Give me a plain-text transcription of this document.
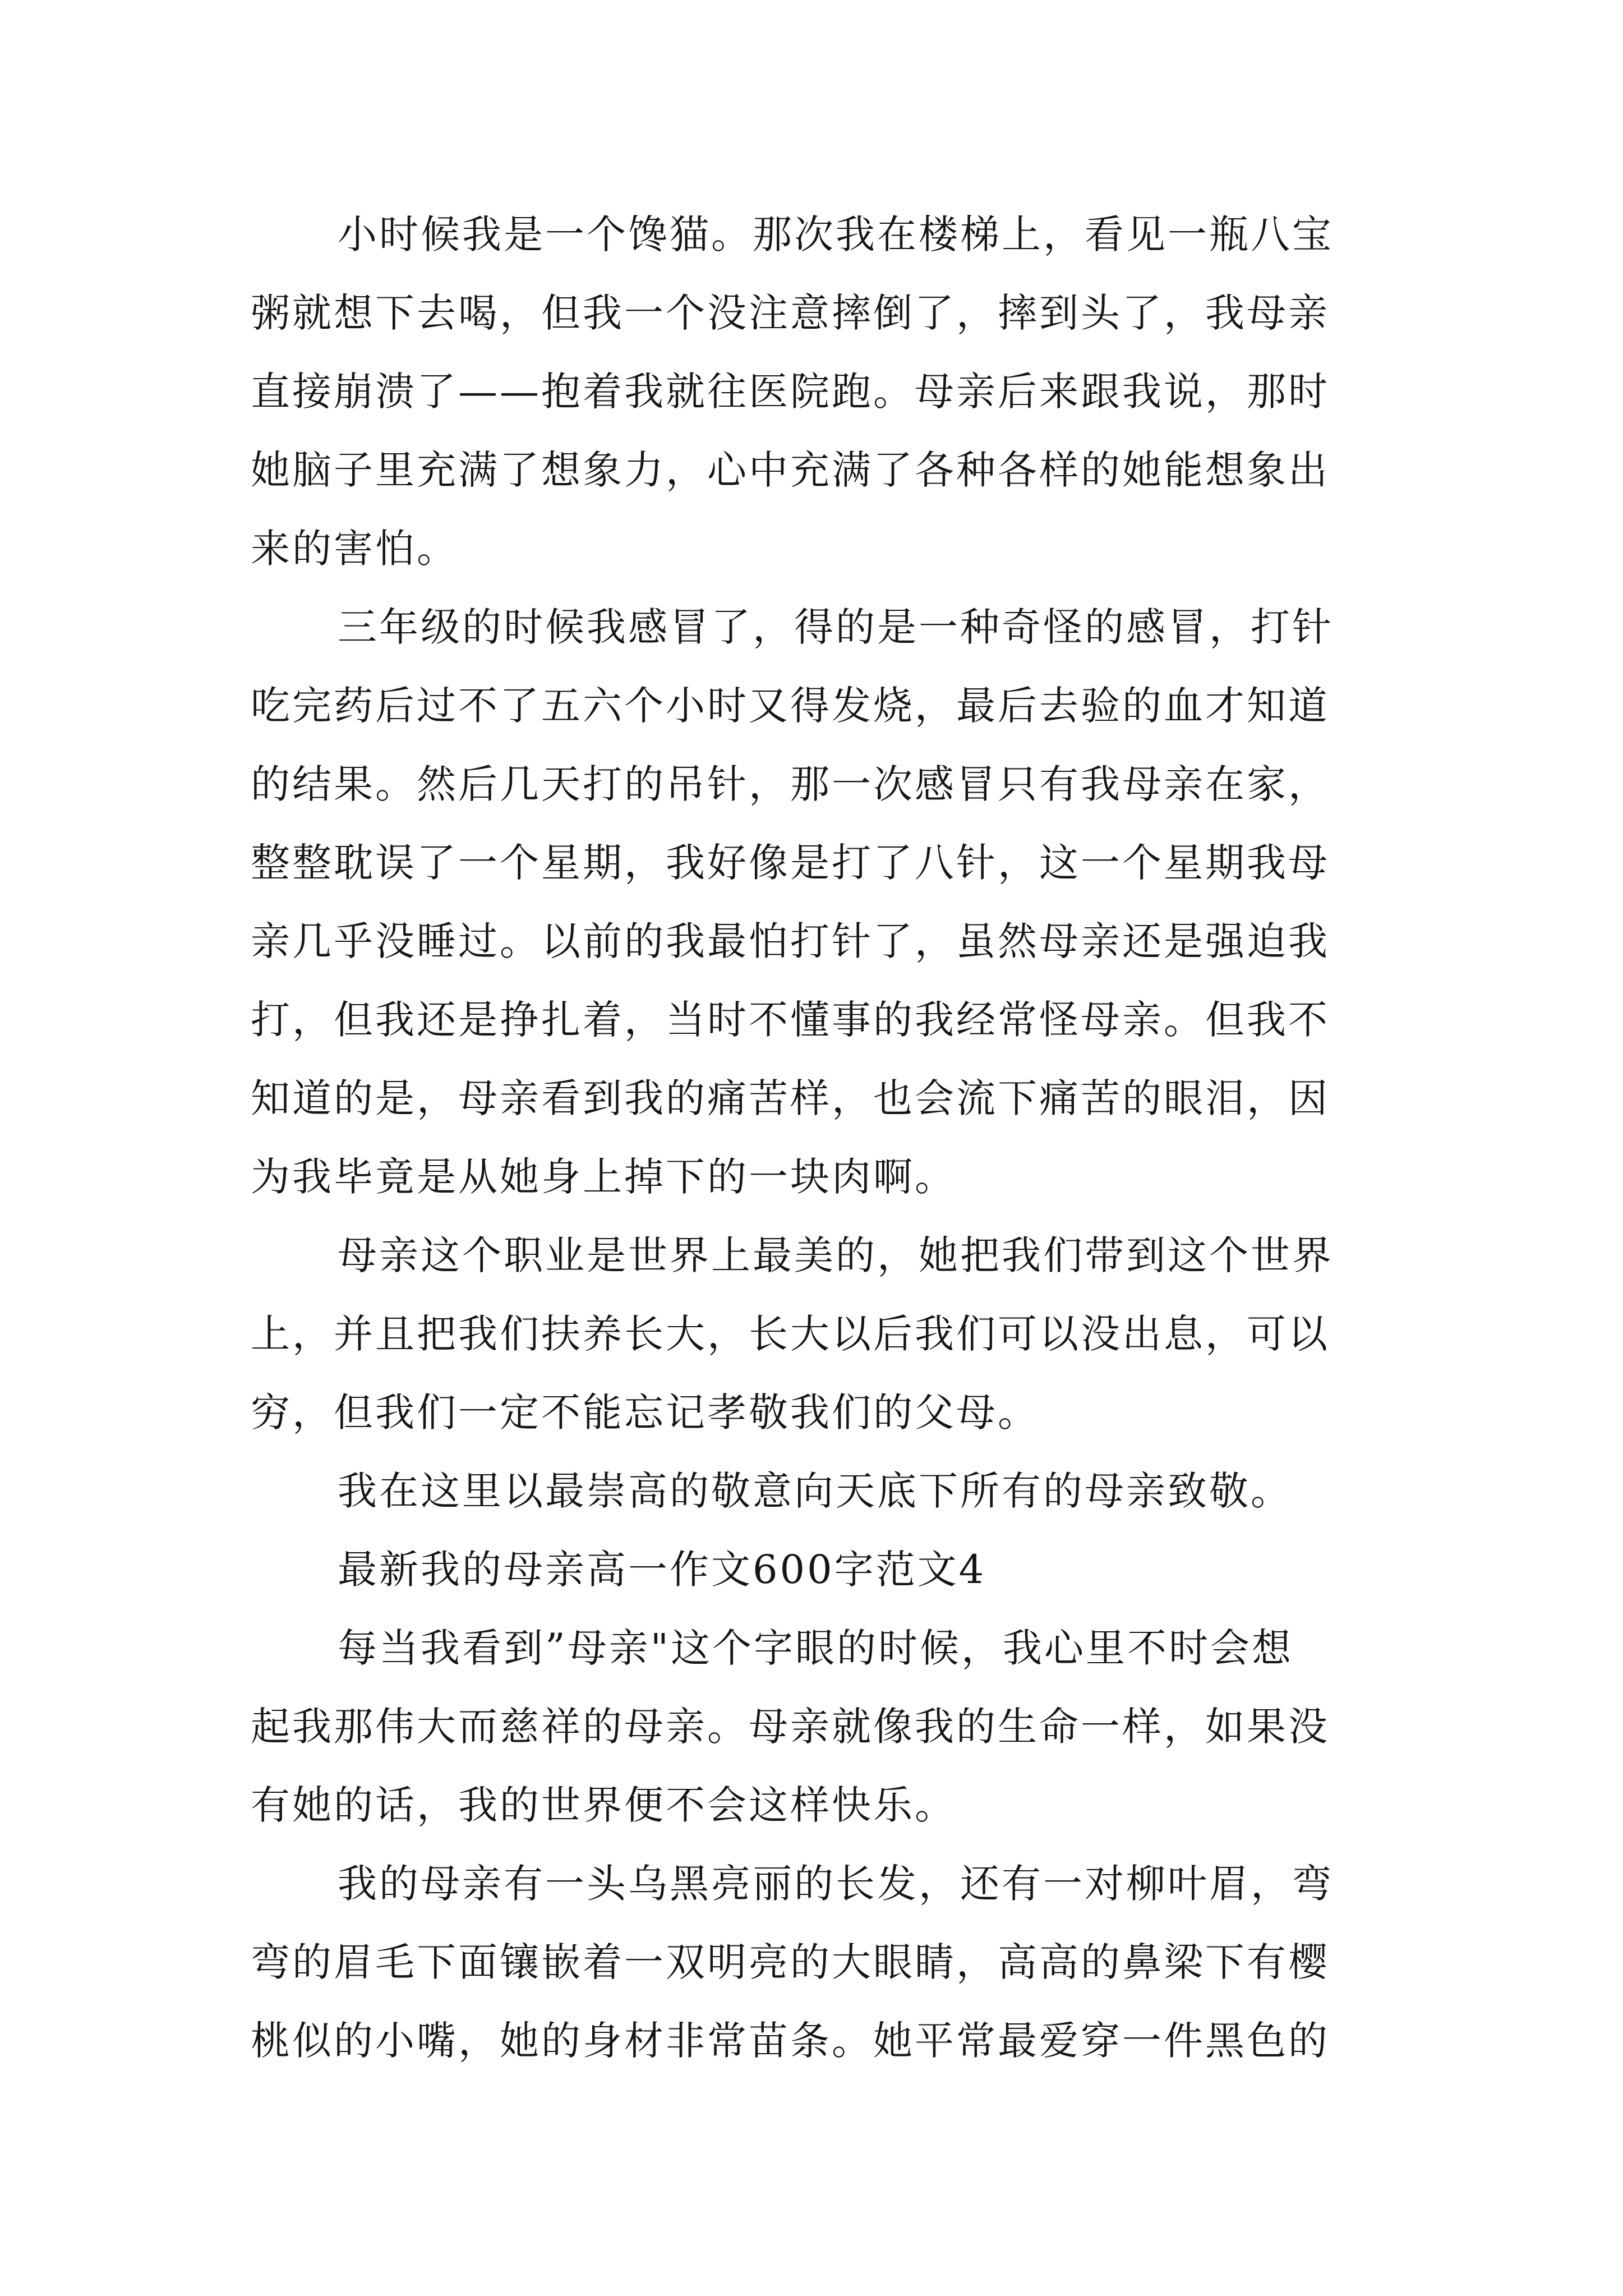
小时候我是一个馋猫。那次我在楼梯上，看见一瓶八宝
粥就想下去喝，但我一个没注意摔倒了，摔到头了，我母亲
直接崩溃了——抱着我就往医院跑。母亲后来跟我说，那时
她脑子里充满了想象力，心中充满了各种各样的她能想象出
来的害怕。
三年级的时候我感冒了，得的是一种奇怪的感冒，打针
吃完药后过不了五六个小时又得发烧，最后去验的血才知道
的结果。然后几天打的吊针，那一次感冒只有我母亲在家，
整整耽误了一个星期，我好像是打了八针，这一个星期我母
亲几乎没睡过。以前的我最怕打针了，虽然母亲还是强迫我
打，但我还是挣扎着，当时不懂事的我经常怪母亲。但我不
知道的是，母亲看到我的痛苦样，也会流下痛苦的眼泪，因
为我毕竟是从她身上掉下的一块肉啊。
母亲这个职业是世界上最美的，她把我们带到这个世界
上，并且把我们扶养长大，长大以后我们可以没出息，可以
穷，但我们一定不能忘记孝敬我们的父母。
我在这里以最崇高的敬意向天底下所有的母亲致敬。
最新我的母亲高一作文600字范文4
每当我看到”母亲"这个字眼的时候，我心里不时会想
起我那伟大而慈祥的母亲。母亲就像我的生命一样，如果没
有她的话，我的世界便不会这样快乐。
我的母亲有一头乌黑亮丽的长发，还有一对柳叶眉，弯
弯的眉毛下面镶嵌着一双明亮的大眼睛，高高的鼻梁下有樱
桃似的小嘴，她的身材非常苗条。她平常最爱穿一件黑色的
